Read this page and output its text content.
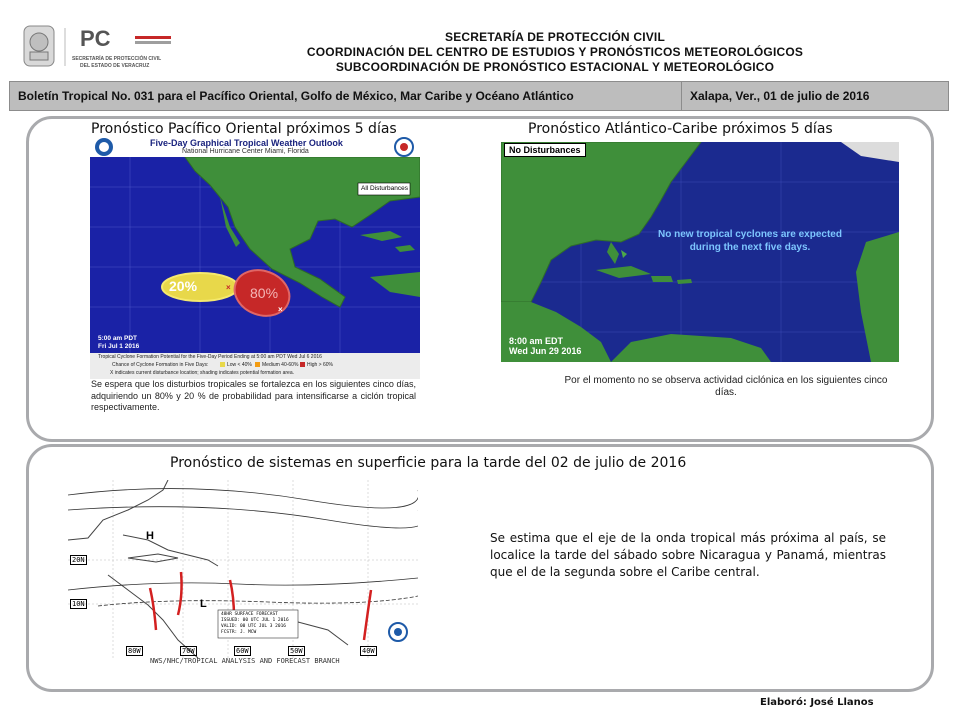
PC
SECRETARÍA DE PROTECCIÓN CIVIL
DEL ESTADO DE VERACRUZ
SECRETARÍA DE PROTECCIÓN CIVIL
COORDINACIÓN DEL CENTRO DE ESTUDIOS Y PRONÓSTICOS METEOROLÓGICOS
SUBCOORDINACIÓN DE PRONÓSTICO ESTACIONAL Y METEOROLÓGICO
Boletín Tropical No. 031 para el Pacífico Oriental, Golfo de México, Mar Caribe y Océano Atlántico	Xalapa, Ver., 01 de julio de 2016
Pronóstico Pacífico Oriental próximos 5 días	Pronóstico Atlántico-Caribe próximos 5 días
Pronóstico de sistemas en superficie para la tarde del 02 de julio de 2016
Five-Day Graphical Tropical Weather Outlook
National Hurricane Center Miami, Florida
All Disturbances
×
×
20%	80%
5:00 am PDT
Fri Jul 1 2016
Tropical Cyclone Formation Potential for the Five-Day Period Ending at 5:00 am PDT Wed Jul 6 2016
Chance of Cyclone Formation in Five Days:	Low < 40% Medium 40-60% High > 60%
X indicates current disturbance location; shading indicates potential formation area.
Se espera que los disturbios tropicales se fortalezca en los siguientes cinco días, adquiriendo un 80% y 20 % de probabilidad para intensificarse a ciclón tropical respectivamente.
No Disturbances
No new tropical cyclones are expected
during the next five days.
8:00 am EDT
Wed Jun 29 2016
Por el momento no se observa actividad ciclónica en los siguientes cinco días.
H
L
20N
10N
80W	70W	60W	50W	40W
48HR SURFACE FORECAST
ISSUED: 00 UTC JUL 1 2016
VALID: 00 UTC JUL 3 2016
FCSTR: J. MCW
NWS/NHC/TROPICAL ANALYSIS AND FORECAST BRANCH
Se estima que el eje de la onda tropical más próxima al país, se localice la tarde del sábado sobre Nicaragua y Panamá, mientras que el de la segunda sobre el Caribe central.
Elaboró: José Llanos
